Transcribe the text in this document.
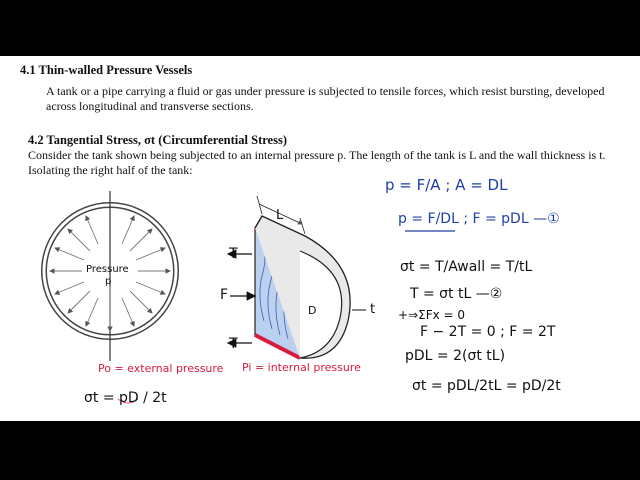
4.1 Thin-walled Pressure Vessels
A tank or a pipe carrying a fluid or gas under pressure is subjected to tensile forces, which resist bursting, developed across longitudinal and transverse sections.
4.2 Tangential Stress, σt (Circumferential Stress)
Consider the tank shown being subjected to an internal pressure p. The length of the tank is L and the wall thickness is t. Isolating the right half of the tank:
Pressure
p
L
T
F
T
D	t
Po = external pressure Pi = internal pressure
σt = pD / 2t
p = F/A ; A = DL
p = F/DL ; F = pDL —①
σt = T/Awall = T/tL
T = σt tL —②
+⇒ΣFx = 0
F − 2T = 0 ; F = 2T
pDL = 2(σt tL)
σt = pDL/2tL = pD/2t
